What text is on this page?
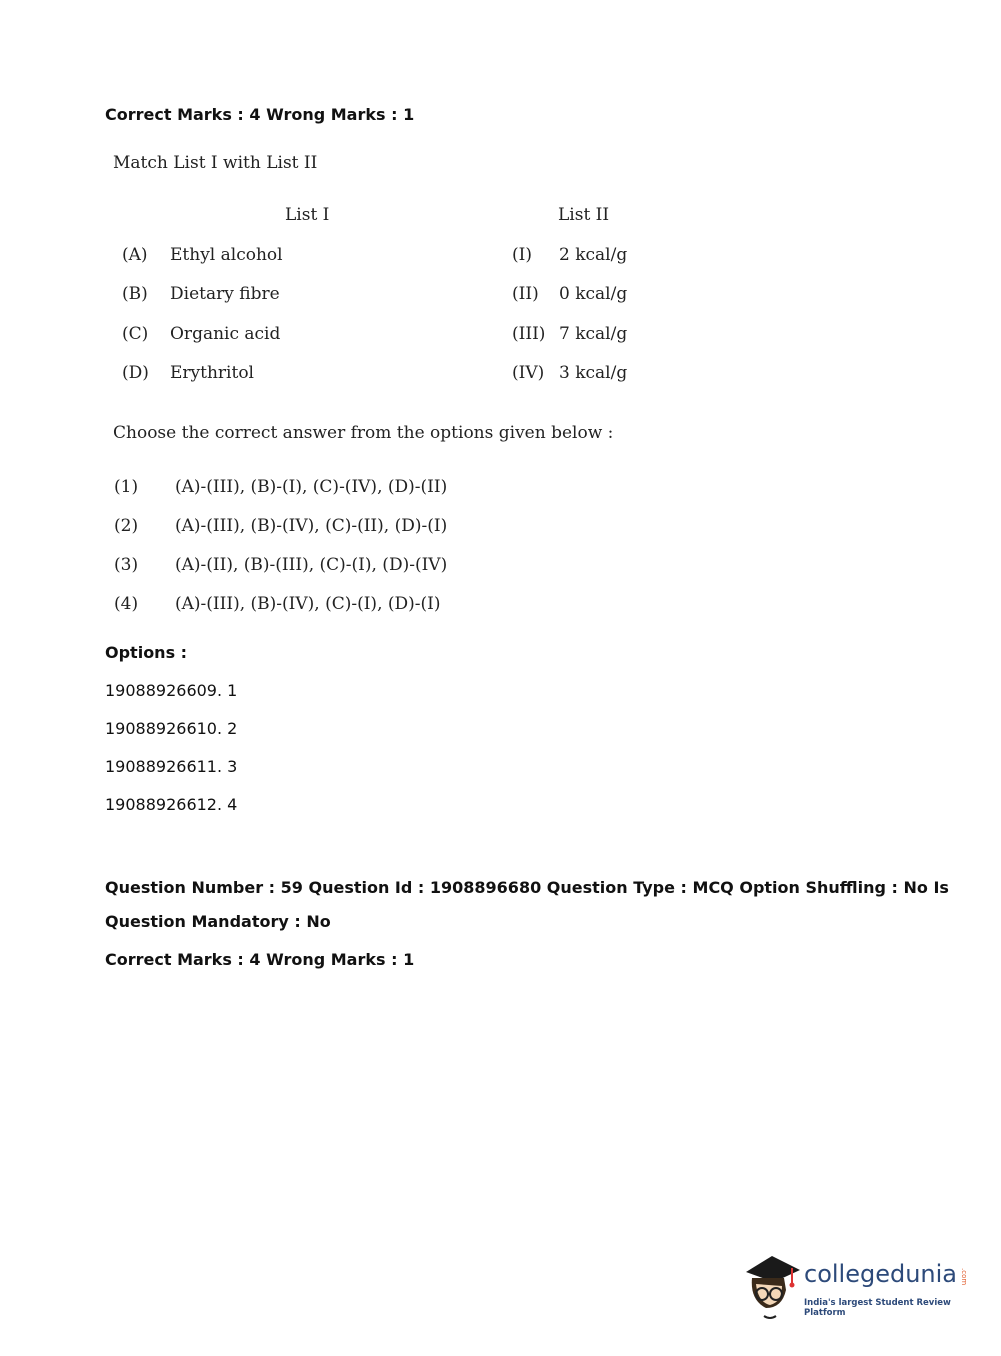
Correct Marks : 4 Wrong Marks : 1
Match List I with List II
List I	List II
(A) Ethyl alcohol	(I) 2 kcal/g
(B) Dietary fibre	(II) 0 kcal/g
(C) Organic acid	(III) 7 kcal/g
(D) Erythritol	(IV) 3 kcal/g
Choose the correct answer from the options given below :
(1) (A)-(III), (B)-(I), (C)-(IV), (D)-(II)
(2) (A)-(III), (B)-(IV), (C)-(II), (D)-(I)
(3) (A)-(II), (B)-(III), (C)-(I), (D)-(IV)
(4) (A)-(III), (B)-(IV), (C)-(I), (D)-(I)
Options :
19088926609. 1
19088926610. 2
19088926611. 3
19088926612. 4
Question Number : 59 Question Id : 1908896680 Question Type : MCQ Option Shuffling : No Is
Question Mandatory : No
Correct Marks : 4 Wrong Marks : 1
collegedunia .com
India's largest Student Review Platform
